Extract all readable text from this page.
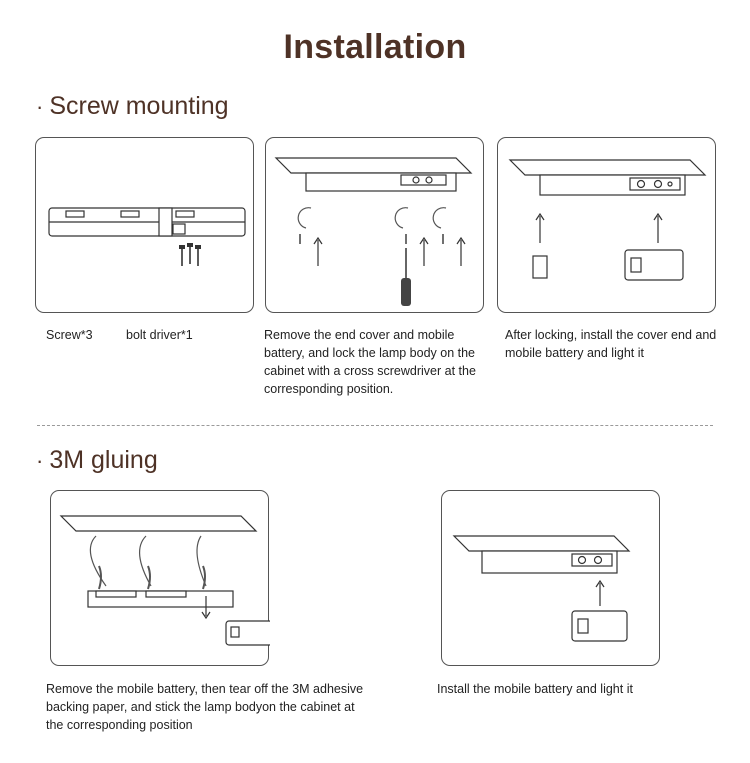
Installation
· Screw mounting
Screw*3	bolt driver*1	Remove the end cover and mobile battery, and lock the lamp body on the cabinet with a cross screwdriver at the corresponding position.
After locking, install the cover end and mobile battery and light it
· 3M gluing
Remove the mobile battery, then tear off the 3M adhesive backing paper, and stick the lamp bodyon the cabinet at the corresponding position
Install the mobile battery and light it
